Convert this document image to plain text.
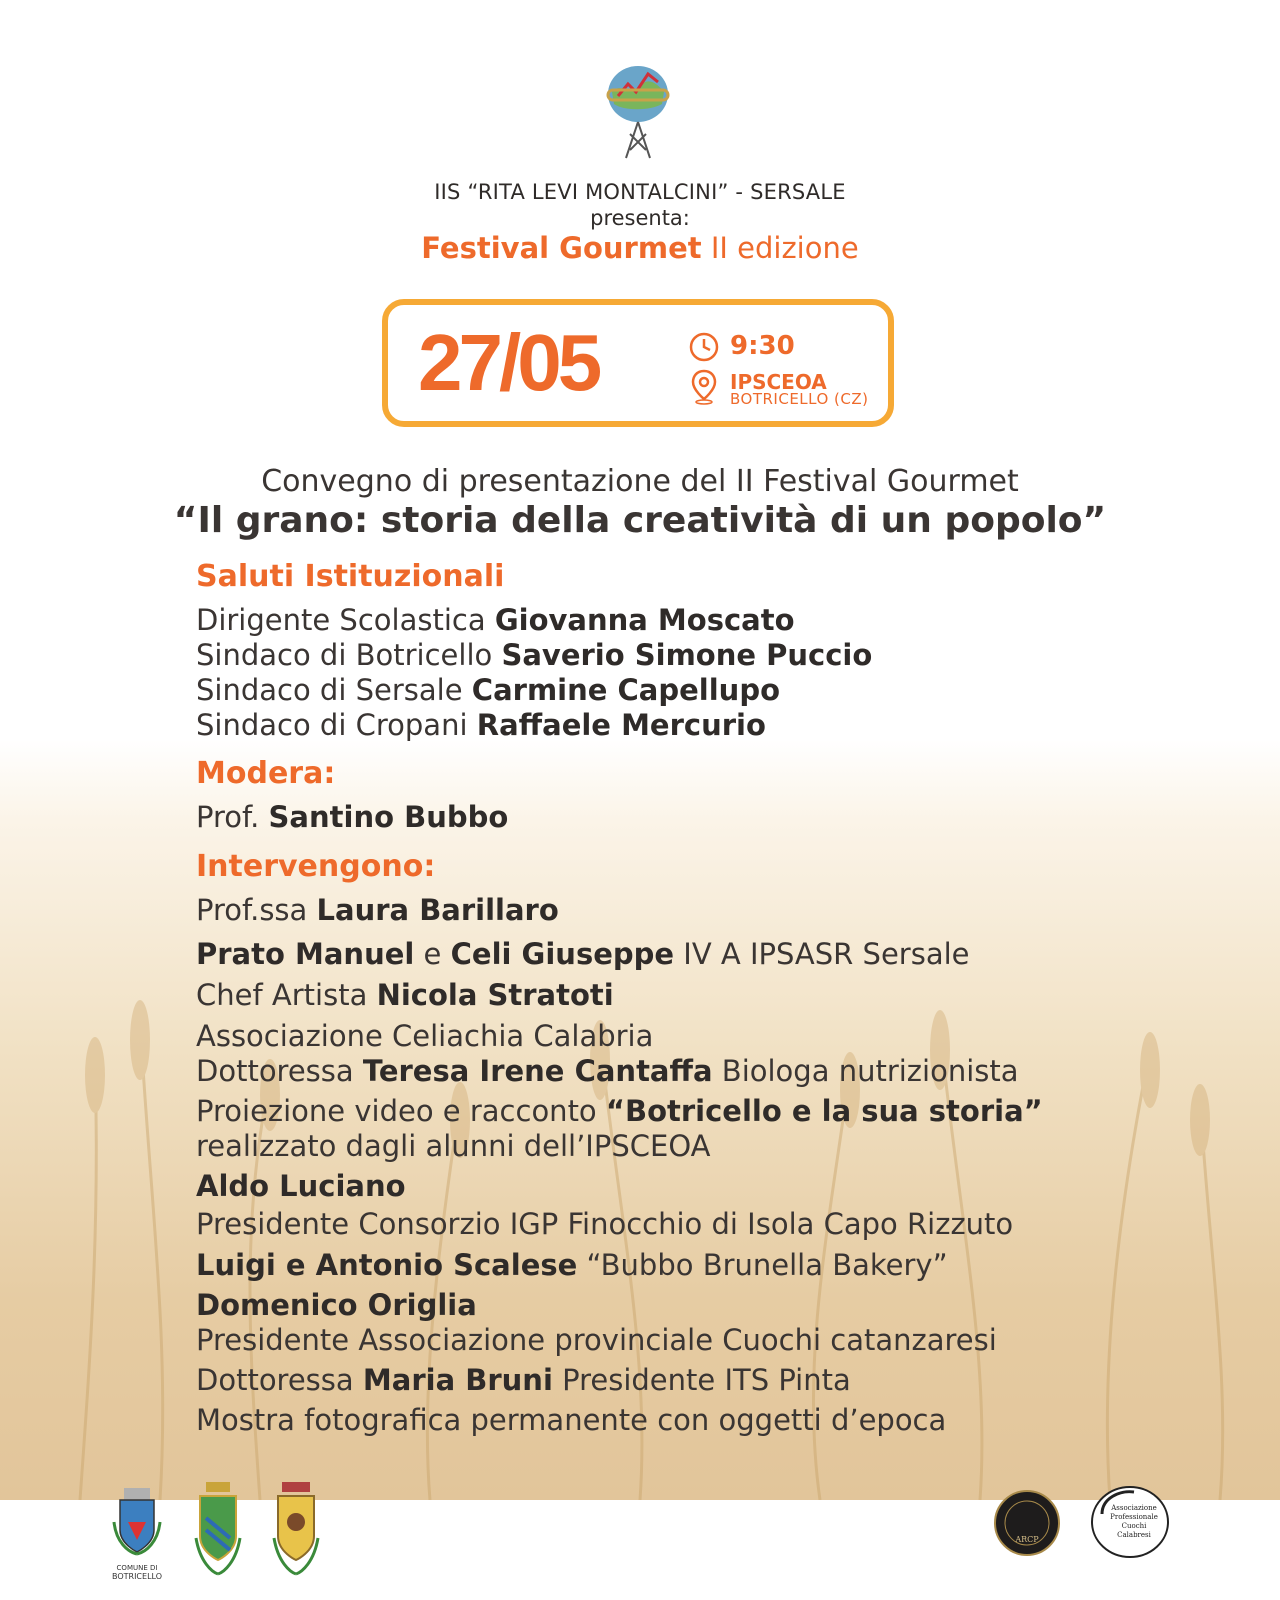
IIS “RITA LEVI MONTALCINI” - SERSALE
presenta:
Festival Gourmet II edizione
27/05	9:30
IPSCEOA
BOTRICELLO (CZ)
Convegno di presentazione del II Festival Gourmet
“Il grano: storia della creatività di un popolo”
Saluti Istituzionali
Dirigente Scolastica Giovanna Moscato
Sindaco di Botricello Saverio Simone Puccio
Sindaco di Sersale Carmine Capellupo
Sindaco di Cropani Raffaele Mercurio
Modera:
Prof. Santino Bubbo
Intervengono:
Prof.ssa Laura Barillaro
Prato Manuel e Celi Giuseppe IV A IPSASR Sersale
Chef Artista Nicola Stratoti
Associazione Celiachia Calabria
Dottoressa Teresa Irene Cantaffa Biologa nutrizionista
Proiezione video e racconto “Botricello e la sua storia”
realizzato dagli alunni dell’IPSCEOA
Aldo Luciano
Presidente Consorzio IGP Finocchio di Isola Capo Rizzuto
Luigi e Antonio Scalese “Bubbo Brunella Bakery”
Domenico Origlia
Presidente Associazione provinciale Cuochi catanzaresi
Dottoressa Maria Bruni Presidente ITS Pinta
Mostra fotografica permanente con oggetti d’epoca
COMUNE DI
BOTRICELLO
ARCP
Associazione
Professionale
Cuochi
Calabresi
